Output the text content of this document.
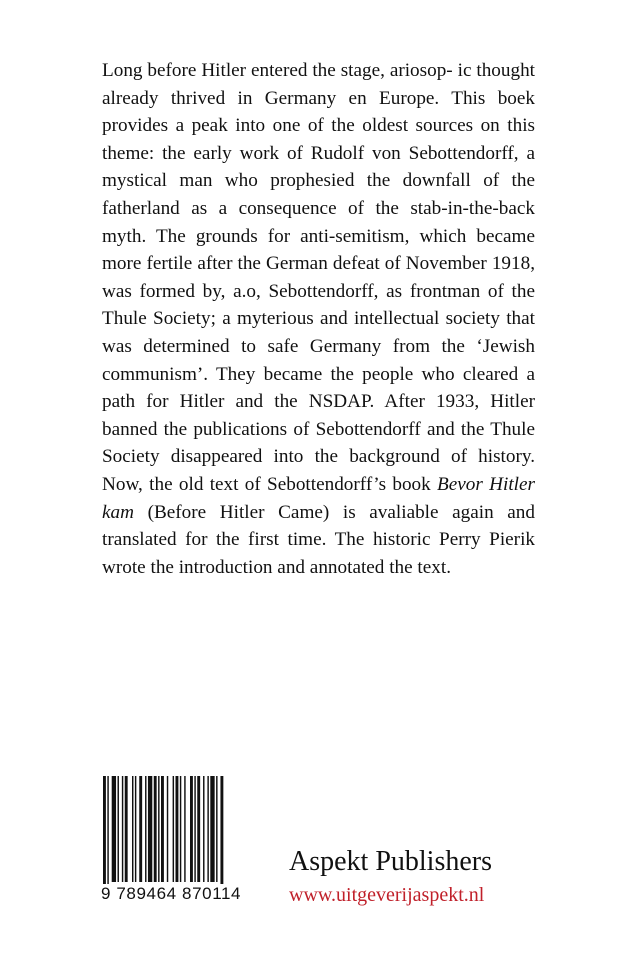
Long before Hitler entered the stage, ariosop- ic thought already thrived in Germany en Europe. This boek provides a peak into one of the oldest sources on this theme: the early work of Rudolf von Sebottendorff, a mystical man who prophesied the downfall of the fatherland as a consequence of the stab-in-the-back myth. The grounds for anti-semitism, which became more fertile after the German defeat of November 1918, was formed by, a.o, Sebottendorff, as frontman of the Thule Society; a myterious and intellectual society that was determined to safe Germany from the ‘Jewish communism’. They became the people who cleared a path for Hitler and the NSDAP. After 1933, Hitler banned the publications of Sebottendorff and the Thule Society disappeared into the background of history. Now, the old text of Sebottendorff’s book Bevor Hitler kam (Before Hitler Came) is avaliable again and translated for the first time. The historic Perry Pierik wrote the introduction and annotated the text.

9 789464 870114
Aspekt Publishers
www.uitgeverijaspekt.nl
